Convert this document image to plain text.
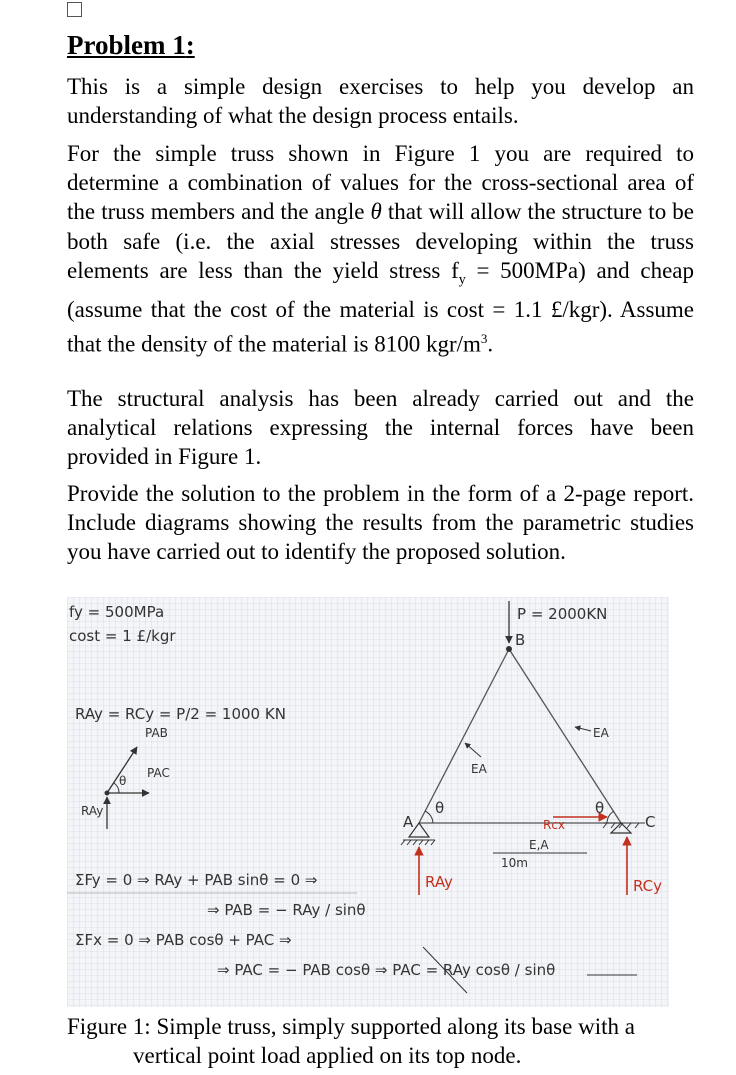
Problem 1:

This is a simple design exercises to help you develop an understanding of what the design process entails.

For the simple truss shown in Figure 1 you are required to determine a combination of values for the cross-sectional area of the truss members and the angle θ that will allow the structure to be both safe (i.e. the axial stresses developing within the truss elements are less than the yield stress $f_y = 500MPa$) and cheap (assume that the cost of the material is cost = 1.1 £/kgr). Assume that the density of the material is 8100 kgr/$m^3$.

The structural analysis has been already carried out and the analytical relations expressing the internal forces have been provided in Figure 1.

Provide the solution to the problem in the form of a 2-page report. Include diagrams showing the results from the parametric studies you have carried out to identify the proposed solution.

fy = 500MPa
cost = 1 £/kgr
RAy = RCy = P/2 = 1000 KN
PAB
PAC
RAy
θ
ΣFy = 0 ⇒ RAy + PAB sinθ = 0 ⇒
⇒ PAB = − RAy / sinθ
ΣFx = 0 ⇒ PAB cosθ + PAC ⇒
⇒ PAC = − PAB cosθ ⇒ PAC = RAy cosθ / sinθ
P = 2000KN
B
A	C
EA
EA
E,A
10m
θ	θ
RAy	RCy
Rcx

Figure 1: Simple truss, simply supported along its base with a
vertical point load applied on its top node.
